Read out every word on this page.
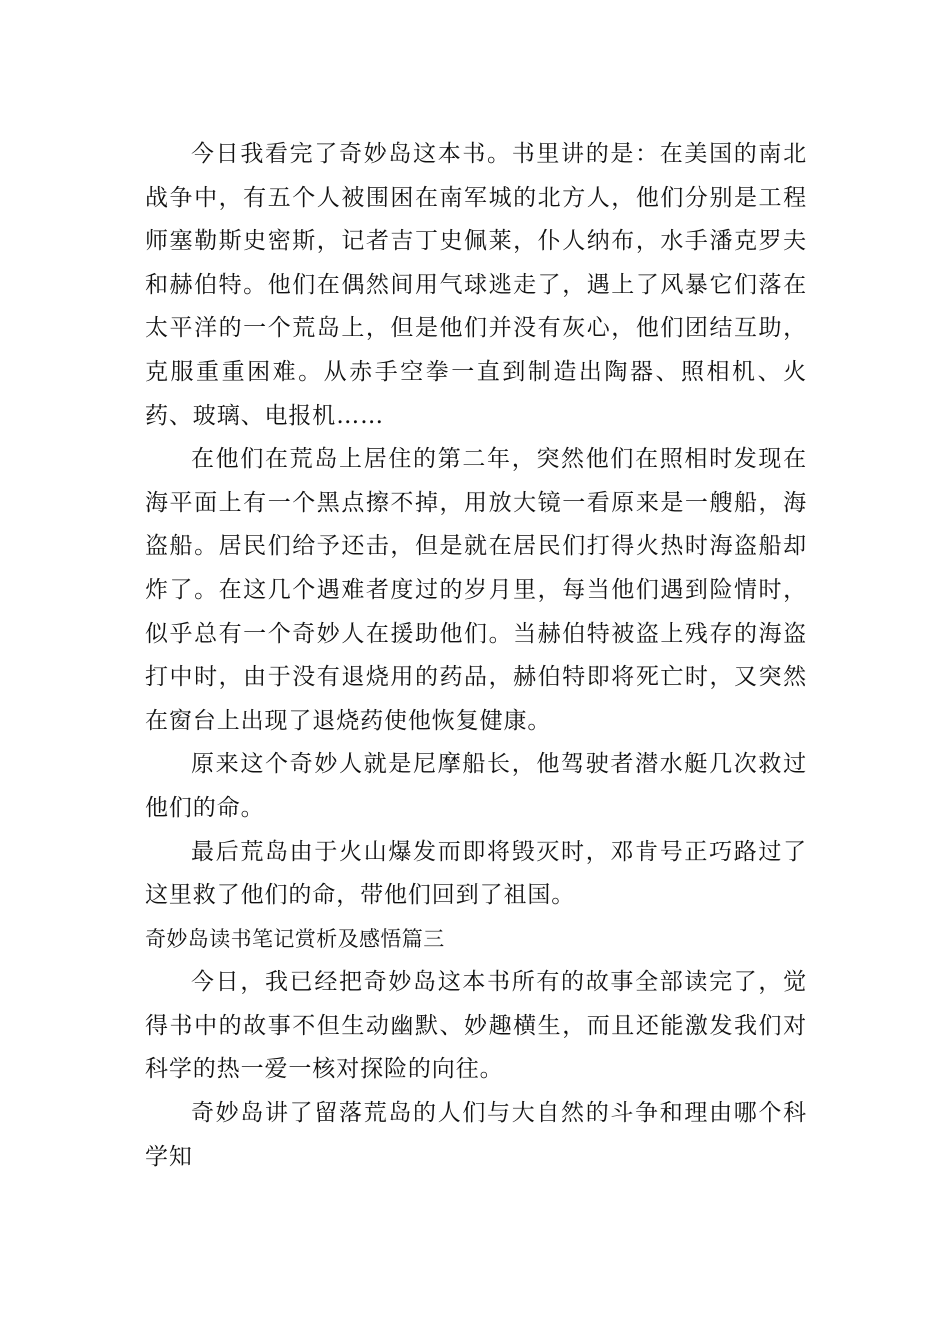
今日我看完了奇妙岛这本书。书里讲的是：在美国的南北战争中，有五个人被围困在南军城的北方人，他们分别是工程师塞勒斯史密斯，记者吉丁史佩莱，仆人纳布，水手潘克罗夫和赫伯特。他们在偶然间用气球逃走了，遇上了风暴它们落在太平洋的一个荒岛上，但是他们并没有灰心，他们团结互助，克服重重困难。从赤手空拳一直到制造出陶器、照相机、火药、玻璃、电报机……

在他们在荒岛上居住的第二年，突然他们在照相时发现在海平面上有一个黑点擦不掉，用放大镜一看原来是一艘船，海盗船。居民们给予还击，但是就在居民们打得火热时海盗船却炸了。在这几个遇难者度过的岁月里，每当他们遇到险情时，似乎总有一个奇妙人在援助他们。当赫伯特被盗上残存的海盗打中时，由于没有退烧用的药品，赫伯特即将死亡时，又突然在窗台上出现了退烧药使他恢复健康。

原来这个奇妙人就是尼摩船长，他驾驶者潜水艇几次救过他们的命。

最后荒岛由于火山爆发而即将毁灭时，邓肯号正巧路过了这里救了他们的命，带他们回到了祖国。

奇妙岛读书笔记赏析及感悟篇三

今日，我已经把奇妙岛这本书所有的故事全部读完了，觉得书中的故事不但生动幽默、妙趣横生，而且还能激发我们对科学的热一爱一核对探险的向往。

奇妙岛讲了留落荒岛的人们与大自然的斗争和理由哪个科学知
